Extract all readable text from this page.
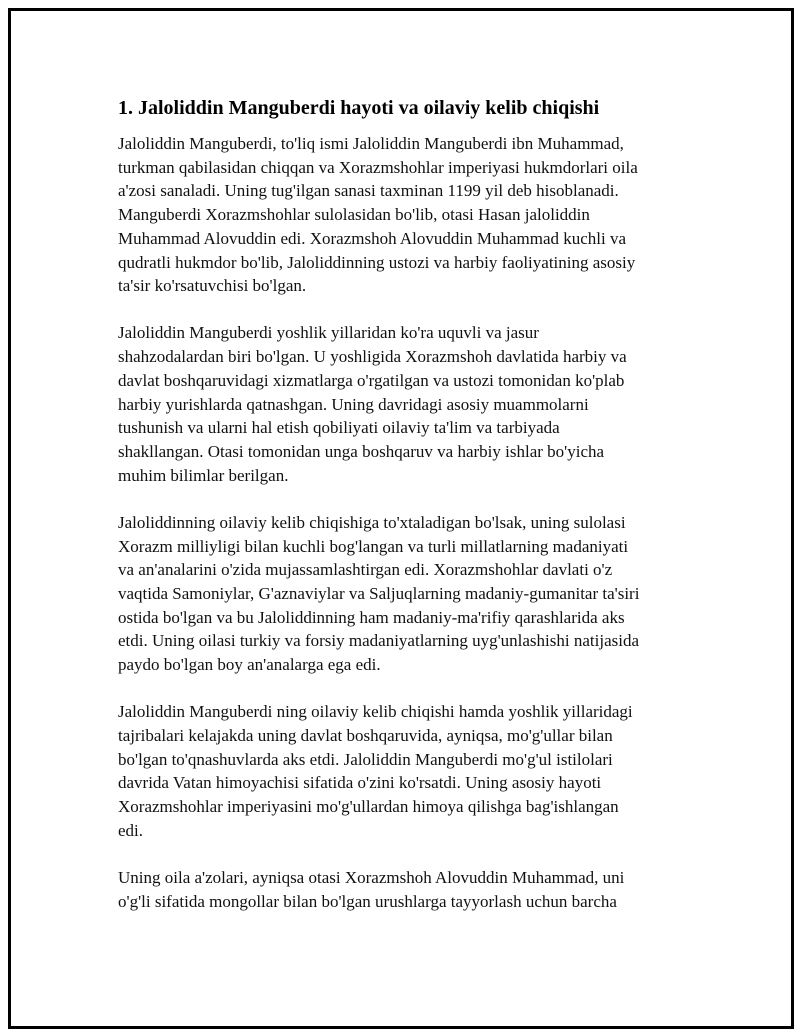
1. Jaloliddin Manguberdi hayoti va oilaviy kelib chiqishi

Jaloliddin Manguberdi, to'liq ismi Jaloliddin Manguberdi ibn Muhammad,
turkman qabilasidan chiqqan va Xorazmshohlar imperiyasi hukmdorlari oila
a'zosi sanaladi. Uning tug'ilgan sanasi taxminan 1199 yil deb hisoblanadi.
Manguberdi Xorazmshohlar sulolasidan bo'lib, otasi Hasan jaloliddin
Muhammad Alovuddin edi. Xorazmshoh Alovuddin Muhammad kuchli va
qudratli hukmdor bo'lib, Jaloliddinning ustozi va harbiy faoliyatining asosiy
ta'sir ko'rsatuvchisi bo'lgan.

Jaloliddin Manguberdi yoshlik yillaridan ko'ra uquvli va jasur
shahzodalardan biri bo'lgan. U yoshligida Xorazmshoh davlatida harbiy va
davlat boshqaruvidagi xizmatlarga o'rgatilgan va ustozi tomonidan ko'plab
harbiy yurishlarda qatnashgan. Uning davridagi asosiy muammolarni
tushunish va ularni hal etish qobiliyati oilaviy ta'lim va tarbiyada
shakllangan. Otasi tomonidan unga boshqaruv va harbiy ishlar bo'yicha
muhim bilimlar berilgan.

Jaloliddinning oilaviy kelib chiqishiga to'xtaladigan bo'lsak, uning sulolasi
Xorazm milliyligi bilan kuchli bog'langan va turli millatlarning madaniyati
va an'analarini o'zida mujassamlashtirgan edi. Xorazmshohlar davlati o'z
vaqtida Samoniylar, G'aznaviylar va Saljuqlarning madaniy-gumanitar ta'siri
ostida bo'lgan va bu Jaloliddinning ham madaniy-ma'rifiy qarashlarida aks
etdi. Uning oilasi turkiy va forsiy madaniyatlarning uyg'unlashishi natijasida
paydo bo'lgan boy an'analarga ega edi.

Jaloliddin Manguberdi ning oilaviy kelib chiqishi hamda yoshlik yillaridagi
tajribalari kelajakda uning davlat boshqaruvida, ayniqsa, mo'g'ullar bilan
bo'lgan to'qnashuvlarda aks etdi. Jaloliddin Manguberdi mo'g'ul istilolari
davrida Vatan himoyachisi sifatida o'zini ko'rsatdi. Uning asosiy hayoti
Xorazmshohlar imperiyasini mo'g'ullardan himoya qilishga bag'ishlangan
edi.

Uning oila a'zolari, ayniqsa otasi Xorazmshoh Alovuddin Muhammad, uni
o'g'li sifatida mongollar bilan bo'lgan urushlarga tayyorlash uchun barcha
